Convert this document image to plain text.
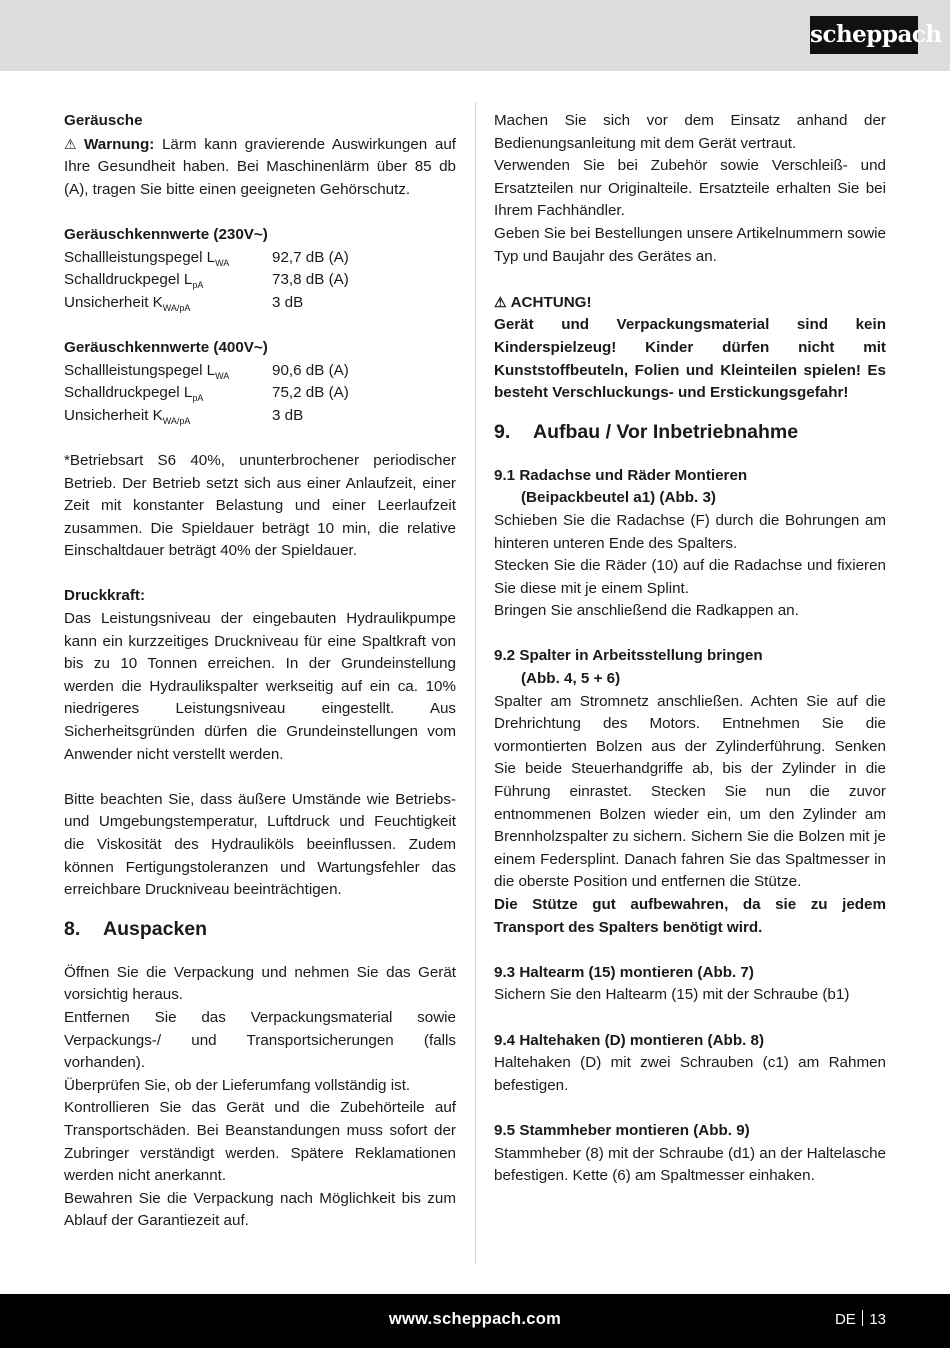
scheppach

Geräusche

⚠ Warnung: Lärm kann gravierende Auswirkungen auf Ihre Gesundheit haben. Bei Maschinenlärm über 85 db (A), tragen Sie bitte einen geeigneten Gehörschutz.

Geräuschkennwerte (230V~)

Schallleistungspegel $L_{WA}$	92,7 dB (A)
Schalldruckpegel $L_{pA}$	73,8 dB (A)
Unsicherheit $K_{WA/pA}$	3 dB

Geräuschkennwerte (400V~)

Schallleistungspegel $L_{WA}$	90,6 dB (A)
Schalldruckpegel $L_{pA}$	75,2 dB (A)
Unsicherheit $K_{WA/pA}$	3 dB

*Betriebsart S6 40%, ununterbrochener periodischer Betrieb. Der Betrieb setzt sich aus einer Anlaufzeit, einer Zeit mit konstanter Belastung und einer Leerlaufzeit zusammen. Die Spieldauer beträgt 10 min, die relative Einschaltdauer beträgt 40% der Spieldauer.

Druckkraft:

Das Leistungsniveau der eingebauten Hydraulikpumpe kann ein kurzzeitiges Druckniveau für eine Spaltkraft von bis zu 10 Tonnen erreichen. In der Grundeinstellung werden die Hydraulikspalter werkseitig auf ein ca. 10% niedrigeres Leistungsniveau eingestellt. Aus Sicherheitsgründen dürfen die Grundeinstellungen vom Anwender nicht verstellt werden.

Bitte beachten Sie, dass äußere Umstände wie Betriebs- und Umgebungstemperatur, Luftdruck und Feuchtigkeit die Viskosität des Hydrauliköls beeinflussen. Zudem können Fertigungstoleranzen und Wartungsfehler das erreichbare Druckniveau beeinträchtigen.

8.	Auspacken

Öffnen Sie die Verpackung und nehmen Sie das Gerät vorsichtig heraus.

Entfernen Sie das Verpackungsmaterial sowie Verpackungs-/ und Transportsicherungen (falls vorhanden).

Überprüfen Sie, ob der Lieferumfang vollständig ist.

Kontrollieren Sie das Gerät und die Zubehörteile auf Transportschäden. Bei Beanstandungen muss sofort der Zubringer verständigt werden. Spätere Reklamationen werden nicht anerkannt.

Bewahren Sie die Verpackung nach Möglichkeit bis zum Ablauf der Garantiezeit auf.

Machen Sie sich vor dem Einsatz anhand der Bedienungsanleitung mit dem Gerät vertraut.

Verwenden Sie bei Zubehör sowie Verschleiß- und Ersatzteilen nur Originalteile. Ersatzteile erhalten Sie bei Ihrem Fachhändler.

Geben Sie bei Bestellungen unsere Artikelnummern sowie Typ und Baujahr des Gerätes an.

⚠ ACHTUNG!

Gerät und Verpackungsmaterial sind kein Kinderspielzeug! Kinder dürfen nicht mit Kunststoffbeuteln, Folien und Kleinteilen spielen! Es besteht Verschluckungs- und Erstickungsgefahr!

9.	Aufbau / Vor Inbetriebnahme

9.1 Radachse und Räder Montieren

(Beipackbeutel a1) (Abb. 3)

Schieben Sie die Radachse (F) durch die Bohrungen am hinteren unteren Ende des Spalters.

Stecken Sie die Räder (10) auf die Radachse und fixieren Sie diese mit je einem Splint.

Bringen Sie anschließend die Radkappen an.

9.2 Spalter in Arbeitsstellung bringen

(Abb. 4, 5 + 6)

Spalter am Stromnetz anschließen. Achten Sie auf die Drehrichtung des Motors. Entnehmen Sie die vormontierten Bolzen aus der Zylinderführung. Senken Sie beide Steuerhandgriffe ab, bis der Zylinder in die Führung einrastet. Stecken Sie nun die zuvor entnommenen Bolzen wieder ein, um den Zylinder am Brennholzspalter zu sichern. Sichern Sie die Bolzen mit je einem Federsplint. Danach fahren Sie das Spaltmesser in die oberste Position und entfernen die Stütze.

Die Stütze gut aufbewahren, da sie zu jedem Transport des Spalters benötigt wird.

9.3 Haltearm (15) montieren (Abb. 7)

Sichern Sie den Haltearm (15) mit der Schraube (b1)

9.4 Haltehaken (D) montieren (Abb. 8)

Haltehaken (D) mit zwei Schrauben (c1) am Rahmen befestigen.

9.5 Stammheber montieren (Abb. 9)

Stammheber (8) mit der Schraube (d1) an der Haltelasche befestigen. Kette (6) am Spaltmesser einhaken.

www.scheppach.com	DE 13
